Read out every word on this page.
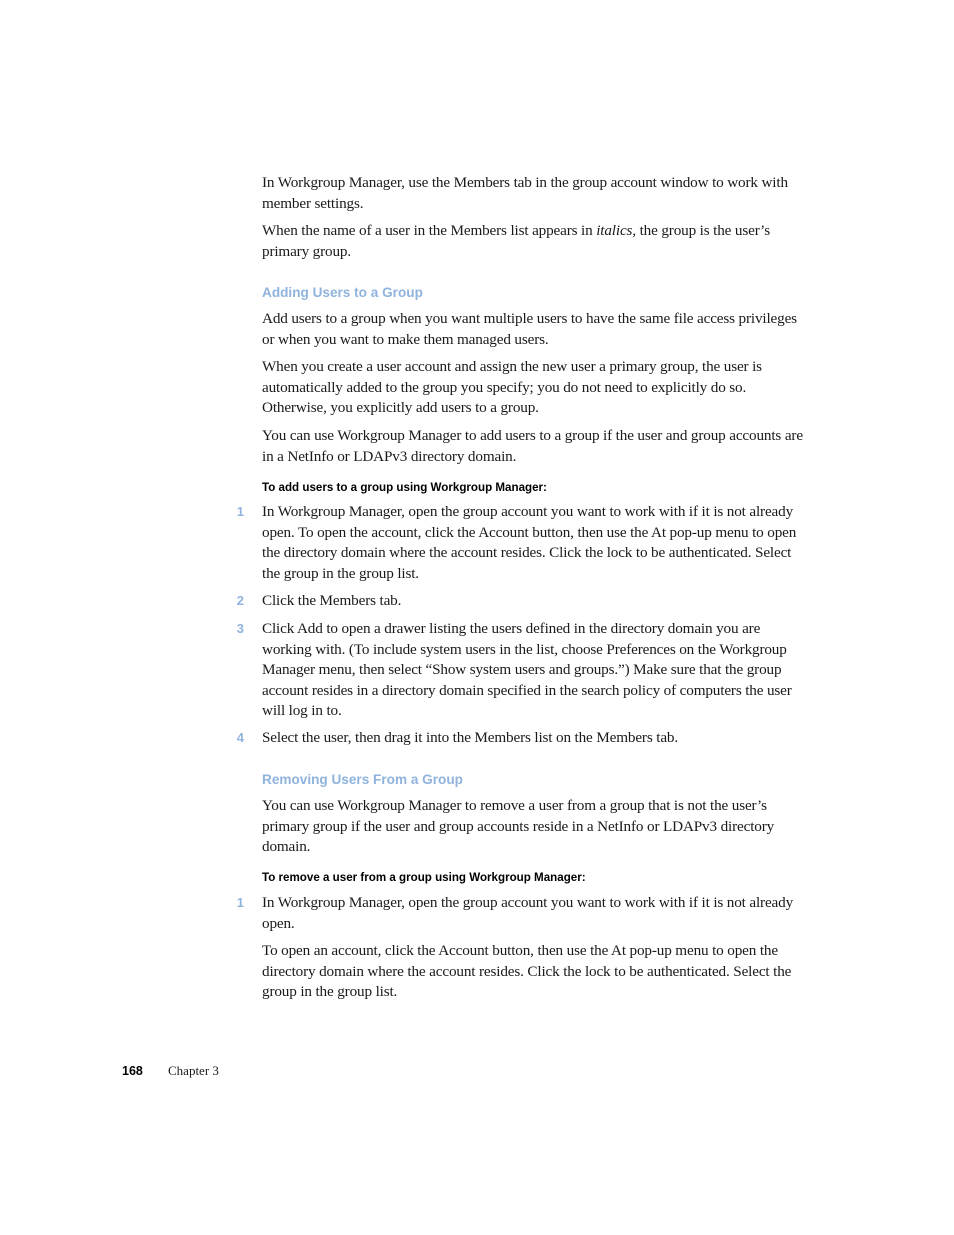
In Workgroup Manager, use the Members tab in the group account window to work with member settings.

When the name of a user in the Members list appears in italics, the group is the user’s primary group.

Adding Users to a Group

Add users to a group when you want multiple users to have the same file access privileges or when you want to make them managed users.

When you create a user account and assign the new user a primary group, the user is automatically added to the group you specify; you do not need to explicitly do so. Otherwise, you explicitly add users to a group.

You can use Workgroup Manager to add users to a group if the user and group accounts are in a NetInfo or LDAPv3 directory domain.

To add users to a group using Workgroup Manager:

1 In Workgroup Manager, open the group account you want to work with if it is not already open. To open the account, click the Account button, then use the At pop-up menu to open the directory domain where the account resides. Click the lock to be authenticated. Select the group in the group list.

2 Click the Members tab.

3 Click Add to open a drawer listing the users defined in the directory domain you are working with. (To include system users in the list, choose Preferences on the Workgroup Manager menu, then select “Show system users and groups.”) Make sure that the group account resides in a directory domain specified in the search policy of computers the user will log in to.

4 Select the user, then drag it into the Members list on the Members tab.

Removing Users From a Group

You can use Workgroup Manager to remove a user from a group that is not the user’s primary group if the user and group accounts reside in a NetInfo or LDAPv3 directory domain.

To remove a user from a group using Workgroup Manager:

1 In Workgroup Manager, open the group account you want to work with if it is not already open.

To open an account, click the Account button, then use the At pop-up menu to open the directory domain where the account resides. Click the lock to be authenticated. Select the group in the group list.

168 Chapter 3
